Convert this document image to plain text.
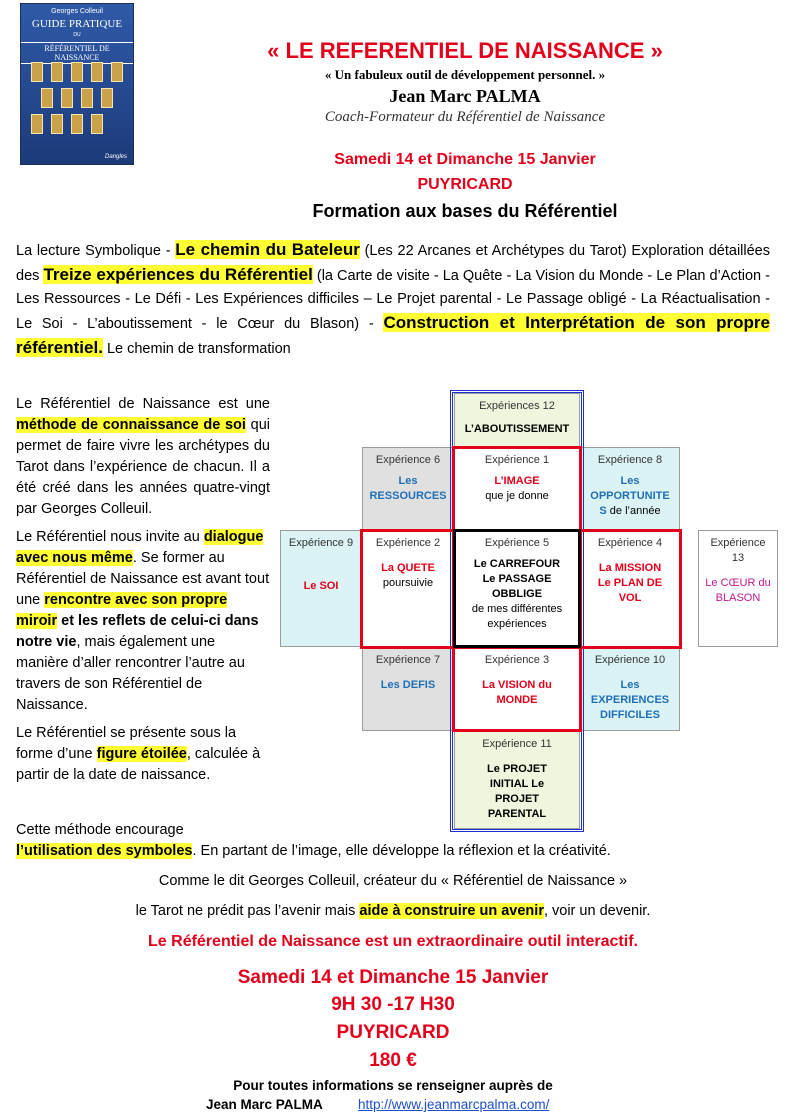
Georges Colleuil
GUIDE PRATIQUE
DU
RÉFÉRENTIEL DE NAISSANCE
Dangles
« LE REFERENTIEL DE NAISSANCE »
« Un fabuleux outil de développement personnel. »
Jean Marc PALMA
Coach-Formateur du Référentiel de Naissance
Samedi 14 et Dimanche 15 Janvier
PUYRICARD
Formation aux bases du Référentiel
La lecture Symbolique - Le chemin du Bateleur (Les 22 Arcanes et Archétypes du Tarot) Exploration détaillées des Treize expériences du Référentiel (la Carte de visite - La Quête - La Vision du Monde - Le Plan d’Action - Les Ressources - Le Défi - Les Expériences difficiles – Le Projet parental - Le Passage obligé - La Réactualisation - Le Soi - L’aboutissement - le Cœur du Blason) - Construction et Interprétation de son propre référentiel. Le chemin de transformation

Le Référentiel de Naissance est une méthode de connaissance de soi qui permet de faire vivre les archétypes du Tarot dans l’expérience de chacun. Il a été créé dans les années quatre-vingt par Georges Colleuil.

Le Référentiel nous invite au dialogue avec nous même. Se former au Référentiel de Naissance est avant tout une rencontre avec son propre miroir et les reflets de celui-ci dans notre vie, mais également une manière d’aller rencontrer l’autre au travers de son Référentiel de Naissance.

Le Référentiel se présente sous la forme d’une figure étoilée, calculée à partir de la date de naissance.

Expériences 12
L’ABOUTISSEMENT
Expérience 6
Les RESSOURCES
Expérience 1
L’IMAGE
que je donne
Expérience 8
Les OPPORTUNITE
S de l’année
Expérience 9
Le SOI
Expérience 2
La QUETE
poursuivie
Expérience 5
Le CARREFOUR Le PASSAGE OBBLIGE
de mes différentes expériences
Expérience 4
La MISSION Le PLAN DE VOL
Expérience 13
Le CŒUR du BLASON
Expérience 7
Les DEFIS
Expérience 3
La VISION du MONDE
Expérience 10
Les EXPERIENCES DIFFICILES
Expérience 11
Le PROJET INITIAL Le PROJET PARENTAL
Cette méthode encourage
l’utilisation des symboles. En partant de l’image, elle développe la réflexion et la créativité.
Comme le dit Georges Colleuil, créateur du « Référentiel de Naissance »
le Tarot ne prédit pas l’avenir mais aide à construire un avenir, voir un devenir.
Le Référentiel de Naissance est un extraordinaire outil interactif.
Samedi 14 et Dimanche 15 Janvier
9H 30 -17 H30
PUYRICARD
180 €
Pour toutes informations se renseigner auprès de
Jean Marc PALMA	http://www.jeanmarcpalma.com/
